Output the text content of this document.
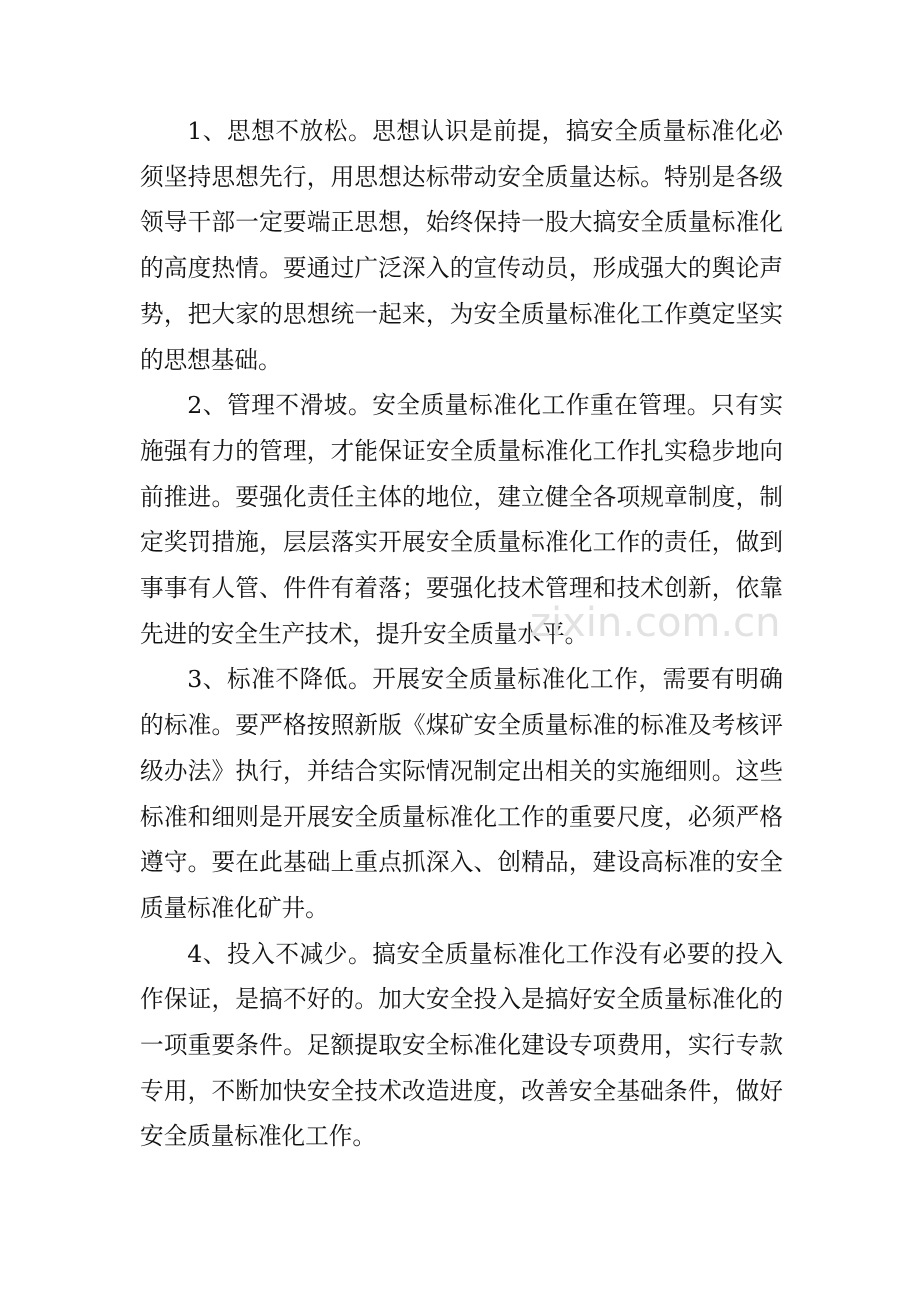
1、思想不放松。思想认识是前提，搞安全质量标准化必须坚持思想先行，用思想达标带动安全质量达标。特别是各级领导干部一定要端正思想，始终保持一股大搞安全质量标准化的高度热情。要通过广泛深入的宣传动员，形成强大的舆论声势，把大家的思想统一起来，为安全质量标准化工作奠定坚实的思想基础。

2、管理不滑坡。安全质量标准化工作重在管理。只有实施强有力的管理，才能保证安全质量标准化工作扎实稳步地向前推进。要强化责任主体的地位，建立健全各项规章制度，制定奖罚措施，层层落实开展安全质量标准化工作的责任，做到事事有人管、件件有着落；要强化技术管理和技术创新，依靠先进的安全生产技术，提升安全质量水平。

3、标准不降低。开展安全质量标准化工作，需要有明确的标准。要严格按照新版《煤矿安全质量标准的标准及考核评级办法》执行，并结合实际情况制定出相关的实施细则。这些标准和细则是开展安全质量标准化工作的重要尺度，必须严格遵守。要在此基础上重点抓深入、创精品，建设高标准的安全质量标准化矿井。

4、投入不减少。搞安全质量标准化工作没有必要的投入作保证，是搞不好的。加大安全投入是搞好安全质量标准化的一项重要条件。足额提取安全标准化建设专项费用，实行专款专用，不断加快安全技术改造进度，改善安全基础条件，做好安全质量标准化工作。

zixin.com.cn
